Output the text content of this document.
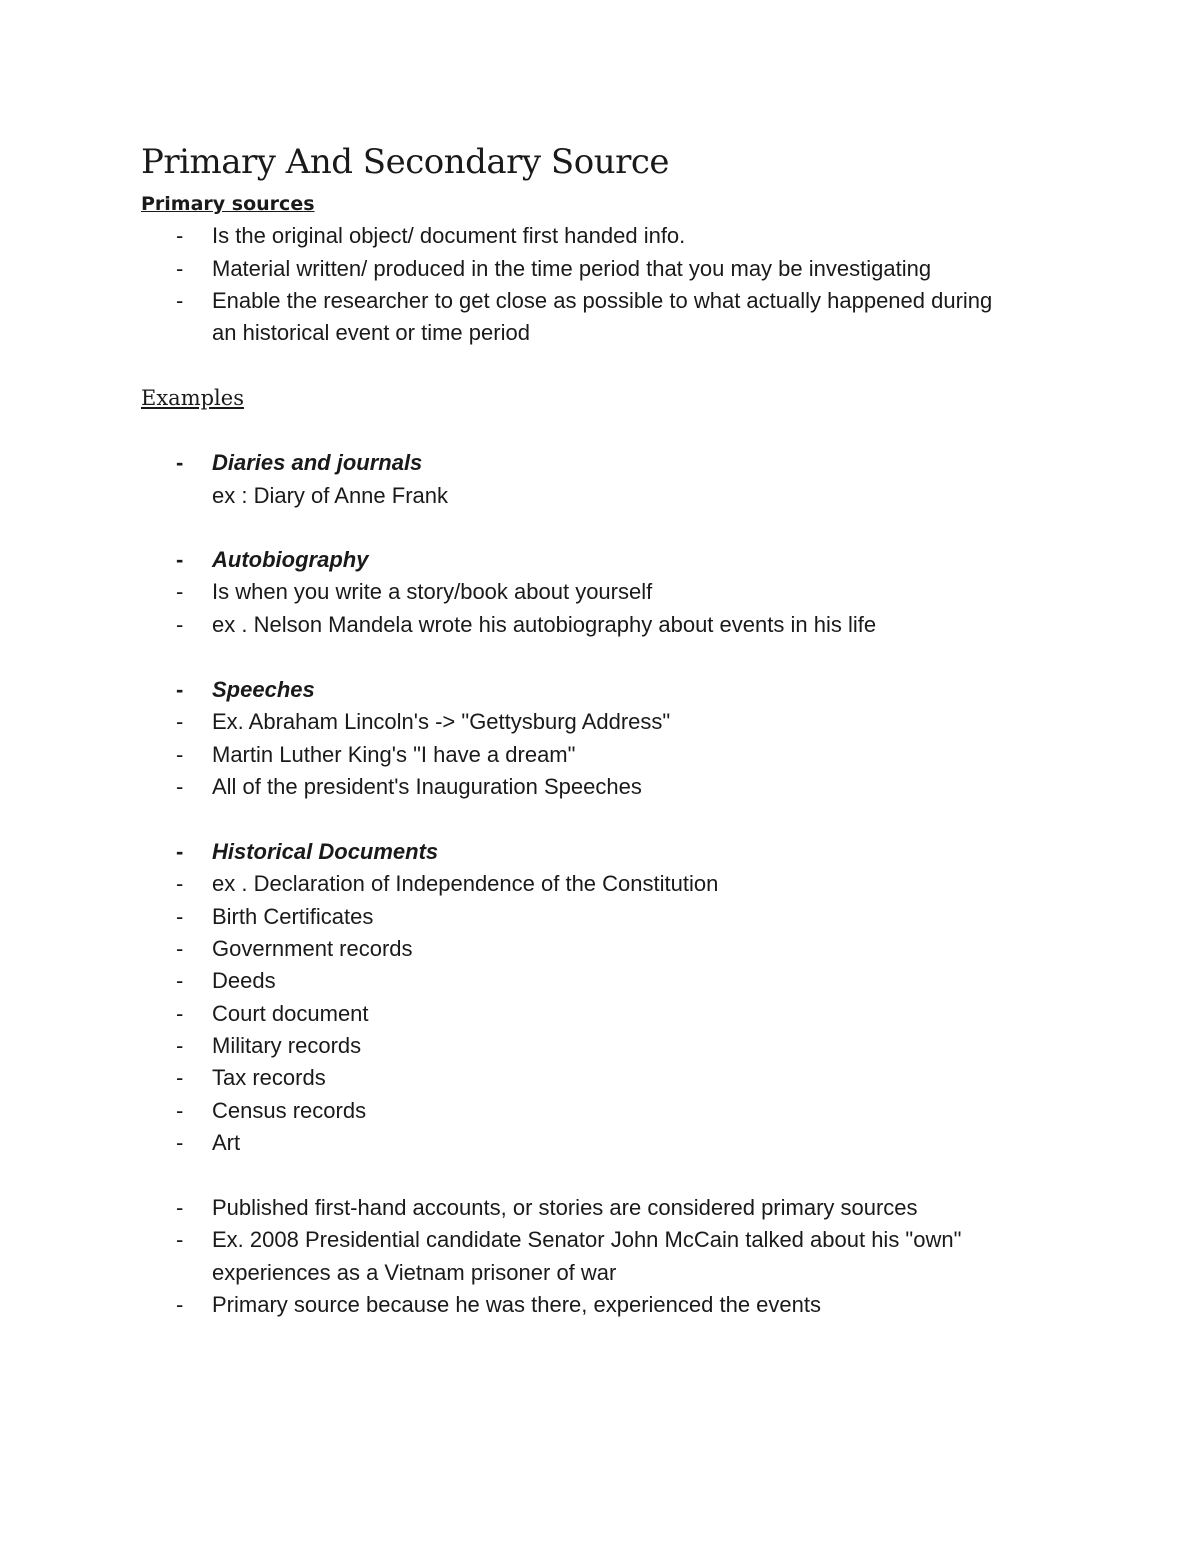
Primary And Secondary Source
Primary sources
-	Is the original object/ document first handed info.
-	Material written/ produced in the time period that you may be investigating
-	Enable the researcher to get close as possible to what actually happened during
an historical event or time period
Examples
-	Diaries and journals
ex : Diary of Anne Frank
-	Autobiography
-	Is when you write a story/book about yourself
-	ex . Nelson Mandela wrote his autobiography about events in his life
-	Speeches
-	Ex. Abraham Lincoln's -> "Gettysburg Address"
-	Martin Luther King's "I have a dream"
-	All of the president's Inauguration Speeches
-	Historical Documents
-	ex . Declaration of Independence of the Constitution
-	Birth Certificates
-	Government records
-	Deeds
-	Court document
-	Military records
-	Tax records
-	Census records
-	Art
-	Published first-hand accounts, or stories are considered primary sources
-	Ex. 2008 Presidential candidate Senator John McCain talked about his "own"
experiences as a Vietnam prisoner of war
-	Primary source because he was there, experienced the events
